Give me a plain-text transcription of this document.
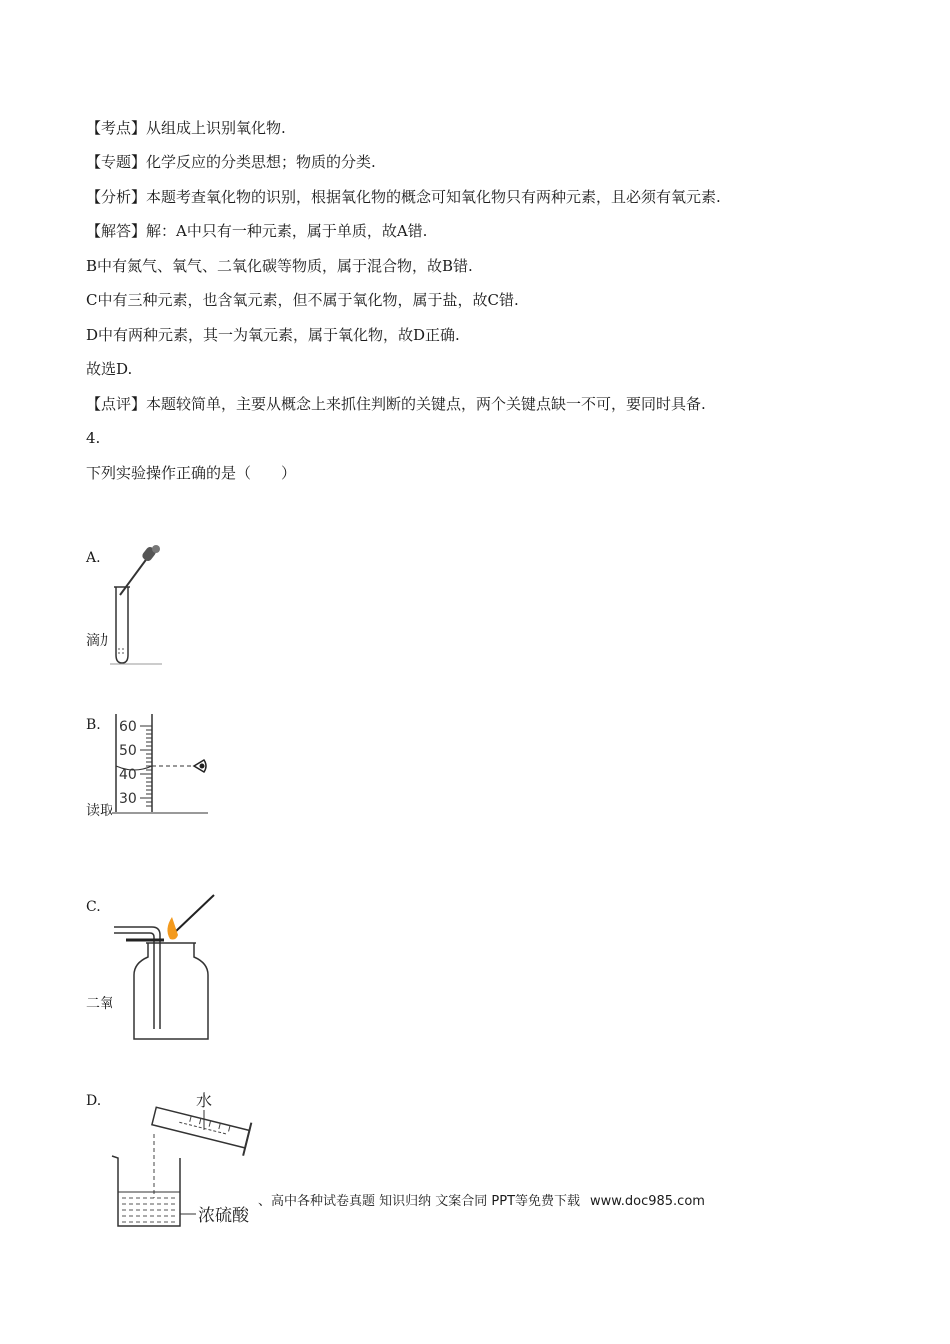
【考点】从组成上识别氧化物.
【专题】化学反应的分类思想；物质的分类.
【分析】本题考查氧化物的识别，根据氧化物的概念可知氧化物只有两种元素，且必须有氧元素.
【解答】解：A中只有一种元素，属于单质，故A错.
B中有氮气、氧气、二氧化碳等物质，属于混合物，故B错.
C中有三种元素，也含氧元素，但不属于氧化物，属于盐，故C错.
D中有两种元素，其一为氧元素，属于氧化物，故D正确.
故选D.
【点评】本题较简单，主要从概念上来抓住判断的关键点，两个关键点缺一不可，要同时具备.
4.
下列实验操作正确的是（　　）
A.
滴加
B.
读取
60
50
40
30
C.
二氧
D.	水
浓硫酸
、高中各种试卷真题 知识归纳 文案合同 PPT等免费下载 www.doc985.com
